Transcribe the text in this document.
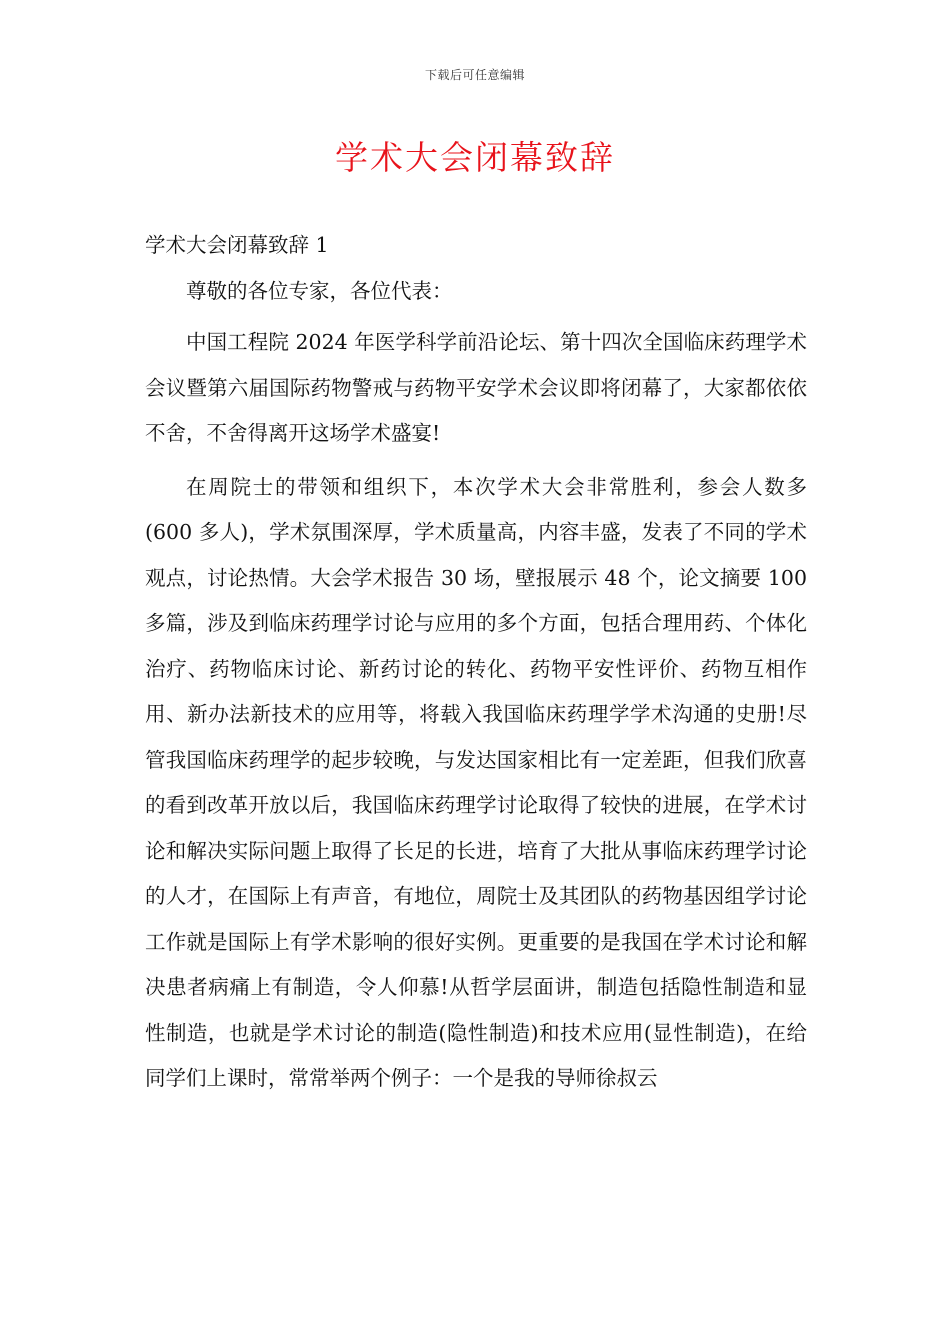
下载后可任意编辑
学术大会闭幕致辞

学术大会闭幕致辞 1

尊敬的各位专家，各位代表：

中国工程院 2024 年医学科学前沿论坛、第十四次全国临床药理学术会议暨第六届国际药物警戒与药物平安学术会议即将闭幕了，大家都依依不舍，不舍得离开这场学术盛宴!

在周院士的带领和组织下，本次学术大会非常胜利，参会人数多(600 多人)，学术氛围深厚，学术质量高，内容丰盛，发表了不同的学术观点，讨论热情。大会学术报告 30 场，壁报展示 48 个，论文摘要 100 多篇，涉及到临床药理学讨论与应用的多个方面，包括合理用药、个体化治疗、药物临床讨论、新药讨论的转化、药物平安性评价、药物互相作用、新办法新技术的应用等，将载入我国临床药理学学术沟通的史册!尽管我国临床药理学的起步较晚，与发达国家相比有一定差距，但我们欣喜的看到改革开放以后，我国临床药理学讨论取得了较快的进展，在学术讨论和解决实际问题上取得了长足的长进，培育了大批从事临床药理学讨论的人才，在国际上有声音，有地位，周院士及其团队的药物基因组学讨论工作就是国际上有学术影响的很好实例。更重要的是我国在学术讨论和解决患者病痛上有制造，令人仰慕!从哲学层面讲，制造包括隐性制造和显性制造，也就是学术讨论的制造(隐性制造)和技术应用(显性制造)，在给同学们上课时，常常举两个例子：一个是我的导师徐叔云
